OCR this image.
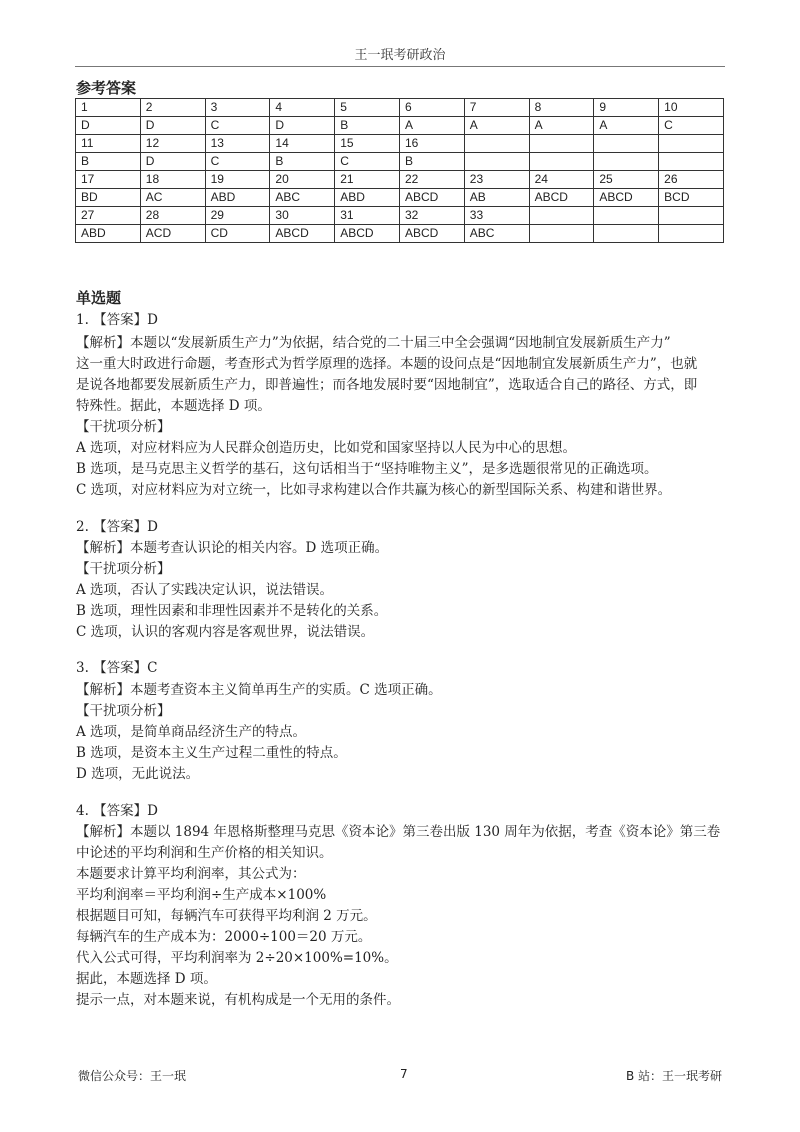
王一珉考研政治
参考答案
1	2	3	4	5	6	7	8	9	10
D	D	C	D	B	A	A	A	A	C
11	12	13	14	15	16				
B	D	C	B	C	B				
17	18	19	20	21	22	23	24	25	26
BD	AC	ABD	ABC	ABD	ABCD	AB	ABCD	ABCD	BCD
27	28	29	30	31	32	33			
ABD	ACD	CD	ABCD	ABCD	ABCD	ABC			
单选题
1. 【答案】D
【解析】本题以“发展新质生产力”为依据，结合党的二十届三中全会强调“因地制宜发展新质生产力”
这一重大时政进行命题，考查形式为哲学原理的选择。本题的设问点是“因地制宜发展新质生产力”，也就
是说各地都要发展新质生产力，即普遍性；而各地发展时要“因地制宜”，选取适合自己的路径、方式，即
特殊性。据此，本题选择 D 项。
【干扰项分析】
A 选项，对应材料应为人民群众创造历史，比如党和国家坚持以人民为中心的思想。
B 选项，是马克思主义哲学的基石，这句话相当于“坚持唯物主义”，是多选题很常见的正确选项。
C 选项，对应材料应为对立统一，比如寻求构建以合作共赢为核心的新型国际关系、构建和谐世界。
2. 【答案】D
【解析】本题考查认识论的相关内容。D 选项正确。
【干扰项分析】
A 选项，否认了实践决定认识，说法错误。
B 选项，理性因素和非理性因素并不是转化的关系。
C 选项，认识的客观内容是客观世界，说法错误。
3. 【答案】C
【解析】本题考查资本主义简单再生产的实质。C 选项正确。
【干扰项分析】
A 选项，是简单商品经济生产的特点。
B 选项，是资本主义生产过程二重性的特点。
D 选项，无此说法。
4. 【答案】D
【解析】本题以 1894 年恩格斯整理马克思《资本论》第三卷出版 130 周年为依据，考查《资本论》第三卷
中论述的平均利润和生产价格的相关知识。
本题要求计算平均利润率，其公式为：
平均利润率＝平均利润÷生产成本×100%
根据题目可知，每辆汽车可获得平均利润 2 万元。
每辆汽车的生产成本为：2000÷100＝20 万元。
代入公式可得，平均利润率为 2÷20×100%=10%。
据此，本题选择 D 项。
提示一点，对本题来说，有机构成是一个无用的条件。
微信公众号：王一珉	7	B 站：王一珉考研
